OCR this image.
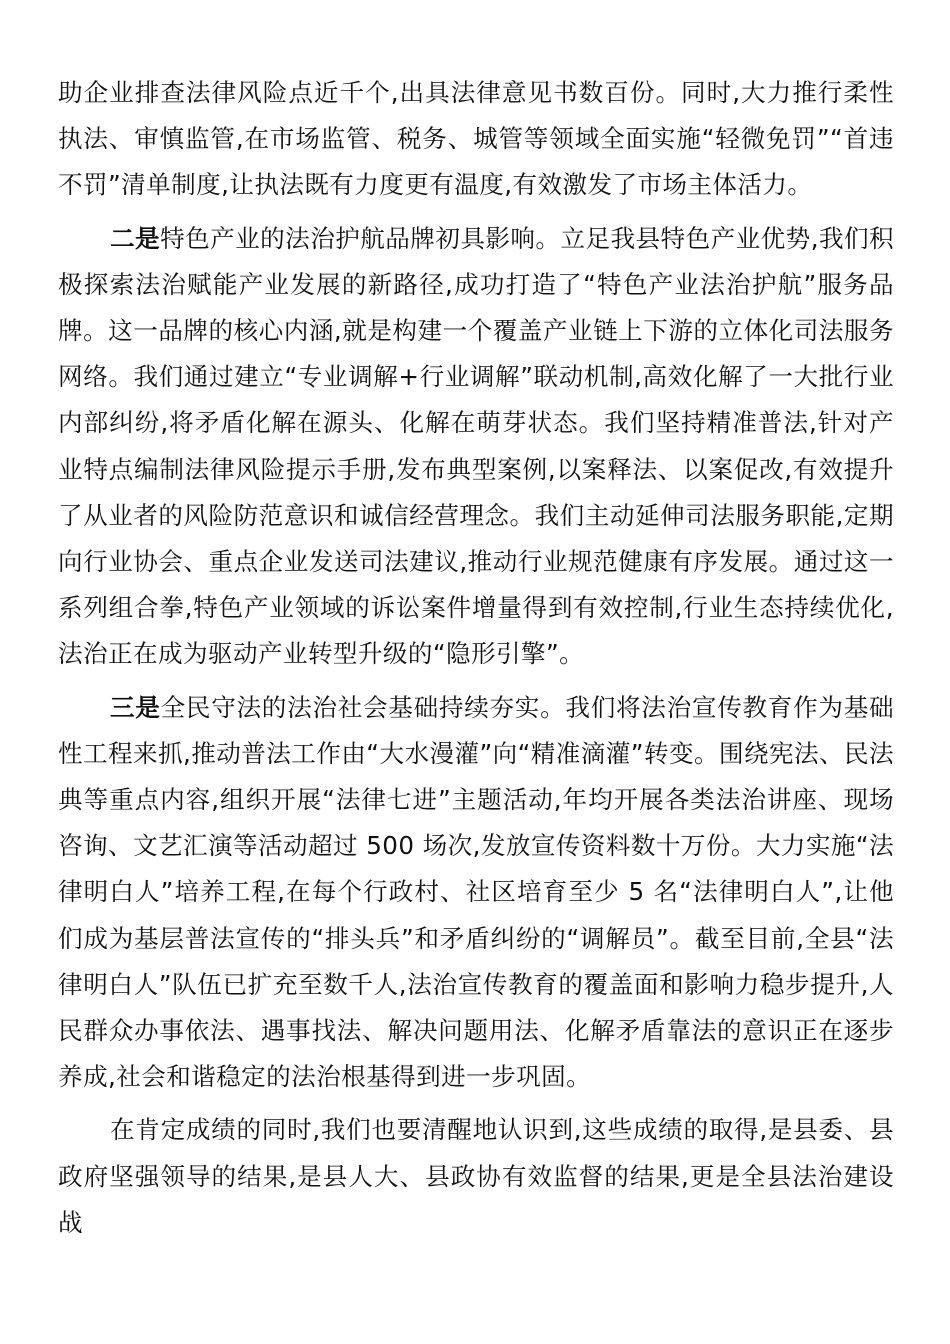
助企业排查法律风险点近千个,出具法律意见书数百份。同时,大力推行柔性执法、审慎监管,在市场监管、税务、城管等领域全面实施“轻微免罚”“首违不罚”清单制度,让执法既有力度更有温度,有效激发了市场主体活力。

二是特色产业的法治护航品牌初具影响。立足我县特色产业优势,我们积极探索法治赋能产业发展的新路径,成功打造了“特色产业法治护航”服务品牌。这一品牌的核心内涵,就是构建一个覆盖产业链上下游的立体化司法服务网络。我们通过建立“专业调解+行业调解”联动机制,高效化解了一大批行业内部纠纷,将矛盾化解在源头、化解在萌芽状态。我们坚持精准普法,针对产业特点编制法律风险提示手册,发布典型案例,以案释法、以案促改,有效提升了从业者的风险防范意识和诚信经营理念。我们主动延伸司法服务职能,定期向行业协会、重点企业发送司法建议,推动行业规范健康有序发展。通过这一系列组合拳,特色产业领域的诉讼案件增量得到有效控制,行业生态持续优化,法治正在成为驱动产业转型升级的“隐形引擎”。

三是全民守法的法治社会基础持续夯实。我们将法治宣传教育作为基础性工程来抓,推动普法工作由“大水漫灌”向“精准滴灌”转变。围绕宪法、民法典等重点内容,组织开展“法律七进”主题活动,年均开展各类法治讲座、现场咨询、文艺汇演等活动超过 500 场次,发放宣传资料数十万份。大力实施“法律明白人”培养工程,在每个行政村、社区培育至少 5 名“法律明白人”,让他们成为基层普法宣传的“排头兵”和矛盾纠纷的“调解员”。截至目前,全县“法律明白人”队伍已扩充至数千人,法治宣传教育的覆盖面和影响力稳步提升,人民群众办事依法、遇事找法、解决问题用法、化解矛盾靠法的意识正在逐步养成,社会和谐稳定的法治根基得到进一步巩固。

在肯定成绩的同时,我们也要清醒地认识到,这些成绩的取得,是县委、县政府坚强领导的结果,是县人大、县政协有效监督的结果,更是全县法治建设战
